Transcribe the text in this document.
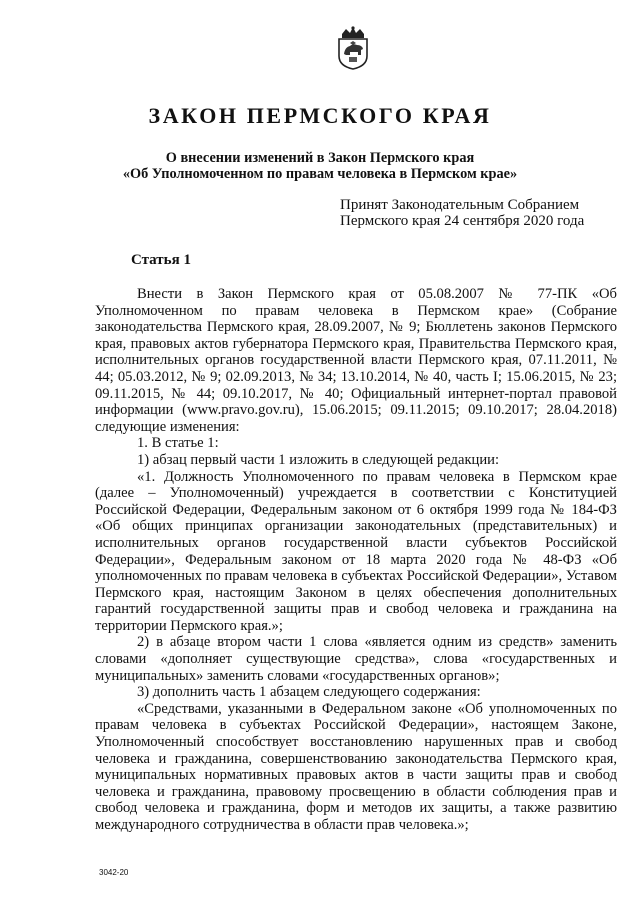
ЗАКОН ПЕРМСКОГО КРАЯ
О внесении изменений в Закон Пермского края
«Об Уполномоченном по правам человека в Пермском крае»
Принят Законодательным Собранием
Пермского края 24 сентября 2020 года
Статья 1

Внести в Закон Пермского края от 05.08.2007 № 77-ПК «Об Уполномоченном по правам человека в Пермском крае» (Собрание законодательства Пермского края, 28.09.2007, № 9; Бюллетень законов Пермского края, правовых актов губернатора Пермского края, Правительства Пермского края, исполнительных органов государственной власти Пермского края, 07.11.2011, № 44; 05.03.2012, № 9; 02.09.2013, № 34; 13.10.2014, № 40, часть I; 15.06.2015, № 23; 09.11.2015, № 44; 09.10.2017, № 40; Официальный интернет-портал правовой информации (www.pravo.gov.ru), 15.06.2015; 09.11.2015; 09.10.2017; 28.04.2018) следующие изменения:

1. В статье 1:

1) абзац первый части 1 изложить в следующей редакции:

«1. Должность Уполномоченного по правам человека в Пермском крае (далее – Уполномоченный) учреждается в соответствии с Конституцией Российской Федерации, Федеральным законом от 6 октября 1999 года № 184-ФЗ «Об общих принципах организации законодательных (представительных) и исполнительных органов государственной власти субъектов Российской Федерации», Федеральным законом от 18 марта 2020 года № 48-ФЗ «Об уполномоченных по правам человека в субъектах Российской Федерации», Уставом Пермского края, настоящим Законом в целях обеспечения дополнительных гарантий государственной защиты прав и свобод человека и гражданина на территории Пермского края.»;

2) в абзаце втором части 1 слова «является одним из средств» заменить словами «дополняет существующие средства», слова «государственных и муниципальных» заменить словами «государственных органов»;

3) дополнить часть 1 абзацем следующего содержания:

«Средствами, указанными в Федеральном законе «Об уполномоченных по правам человека в субъектах Российской Федерации», настоящем Законе, Уполномоченный способствует восстановлению нарушенных прав и свобод человека и гражданина, совершенствованию законодательства Пермского края, муниципальных нормативных правовых актов в части защиты прав и свобод человека и гражданина, правовому просвещению в области соблюдения прав и свобод человека и гражданина, форм и методов их защиты, а также развитию международного сотрудничества в области прав человека.»;

3042-20
